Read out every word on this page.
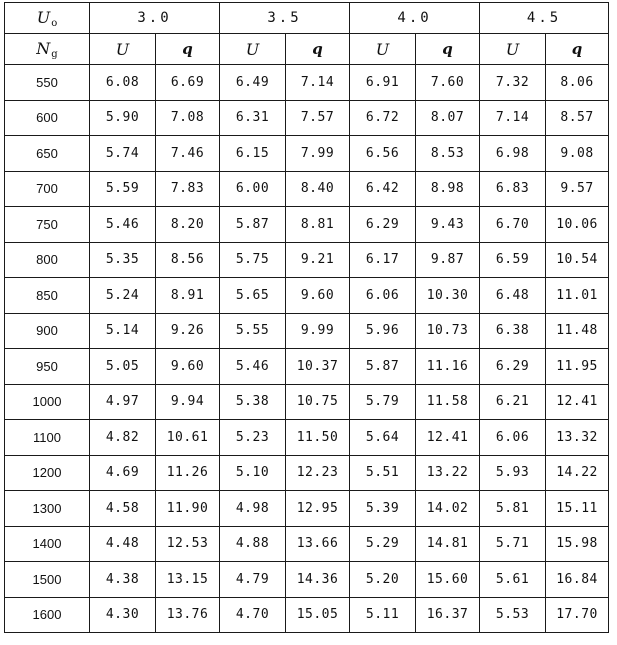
$U_o$	3.0		3.5		4.0		4.5	
$N_g$	U	q	U	q	U	q	U	q
550	6.08	6.69	6.49	7.14	6.91	7.60	7.32	8.06
600	5.90	7.08	6.31	7.57	6.72	8.07	7.14	8.57
650	5.74	7.46	6.15	7.99	6.56	8.53	6.98	9.08
700	5.59	7.83	6.00	8.40	6.42	8.98	6.83	9.57
750	5.46	8.20	5.87	8.81	6.29	9.43	6.70	10.06
800	5.35	8.56	5.75	9.21	6.17	9.87	6.59	10.54
850	5.24	8.91	5.65	9.60	6.06	10.30	6.48	11.01
900	5.14	9.26	5.55	9.99	5.96	10.73	6.38	11.48
950	5.05	9.60	5.46	10.37	5.87	11.16	6.29	11.95
1000	4.97	9.94	5.38	10.75	5.79	11.58	6.21	12.41
1100	4.82	10.61	5.23	11.50	5.64	12.41	6.06	13.32
1200	4.69	11.26	5.10	12.23	5.51	13.22	5.93	14.22
1300	4.58	11.90	4.98	12.95	5.39	14.02	5.81	15.11
1400	4.48	12.53	4.88	13.66	5.29	14.81	5.71	15.98
1500	4.38	13.15	4.79	14.36	5.20	15.60	5.61	16.84
1600	4.30	13.76	4.70	15.05	5.11	16.37	5.53	17.70
